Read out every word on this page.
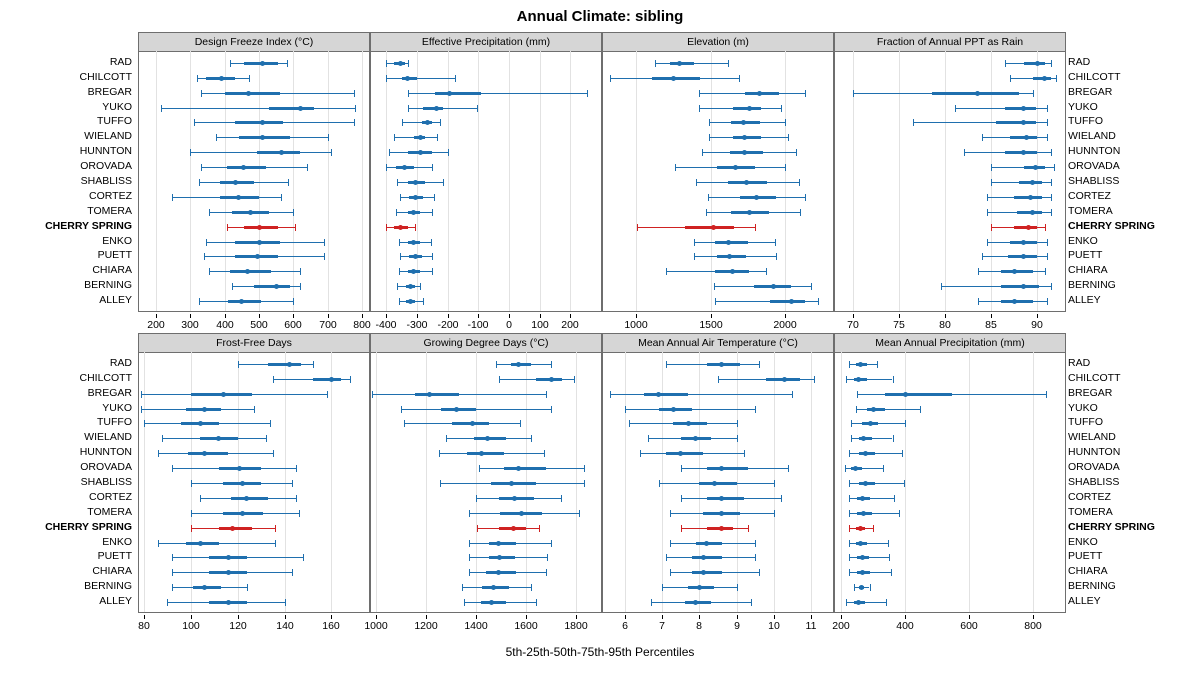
Annual Climate: sibling
Design Freeze Index (°C)	Effective Precipitation (mm)	Elevation (m)	Fraction of Annual PPT as Rain
Frost-Free Days	Growing Degree Days (°C)	Mean Annual Air Temperature (°C)	Mean Annual Precipitation (mm)
5th-25th-50th-75th-95th Percentiles
200	300	400	500	600	700	800 -400 -300 -200 -100	0	100	200	1000	1500	2000	70	75	80	85	90
80	100	120	140	160	1000	1200	1400	1600	1800	6	7	8	9	10	11	200	400	600	800
RAD
CHILCOTT
BREGAR
YUKO
TUFFO
WIELAND
HUNNTON
OROVADA
SHABLISS
CORTEZ
TOMERA
CHERRY SPRING
ENKO
PUETT
CHIARA
BERNING
ALLEY
RAD
CHILCOTT
BREGAR
YUKO
TUFFO
WIELAND
HUNNTON
OROVADA
SHABLISS
CORTEZ
TOMERA
CHERRY SPRING
ENKO
PUETT
CHIARA
BERNING
ALLEY
RAD
CHILCOTT
BREGAR
YUKO
TUFFO
WIELAND
HUNNTON
OROVADA
SHABLISS
CORTEZ
TOMERA
CHERRY SPRING
ENKO
PUETT
CHIARA
BERNING
ALLEY
RAD
CHILCOTT
BREGAR
YUKO
TUFFO
WIELAND
HUNNTON
OROVADA
SHABLISS
CORTEZ
TOMERA
CHERRY SPRING
ENKO
PUETT
CHIARA
BERNING
ALLEY
